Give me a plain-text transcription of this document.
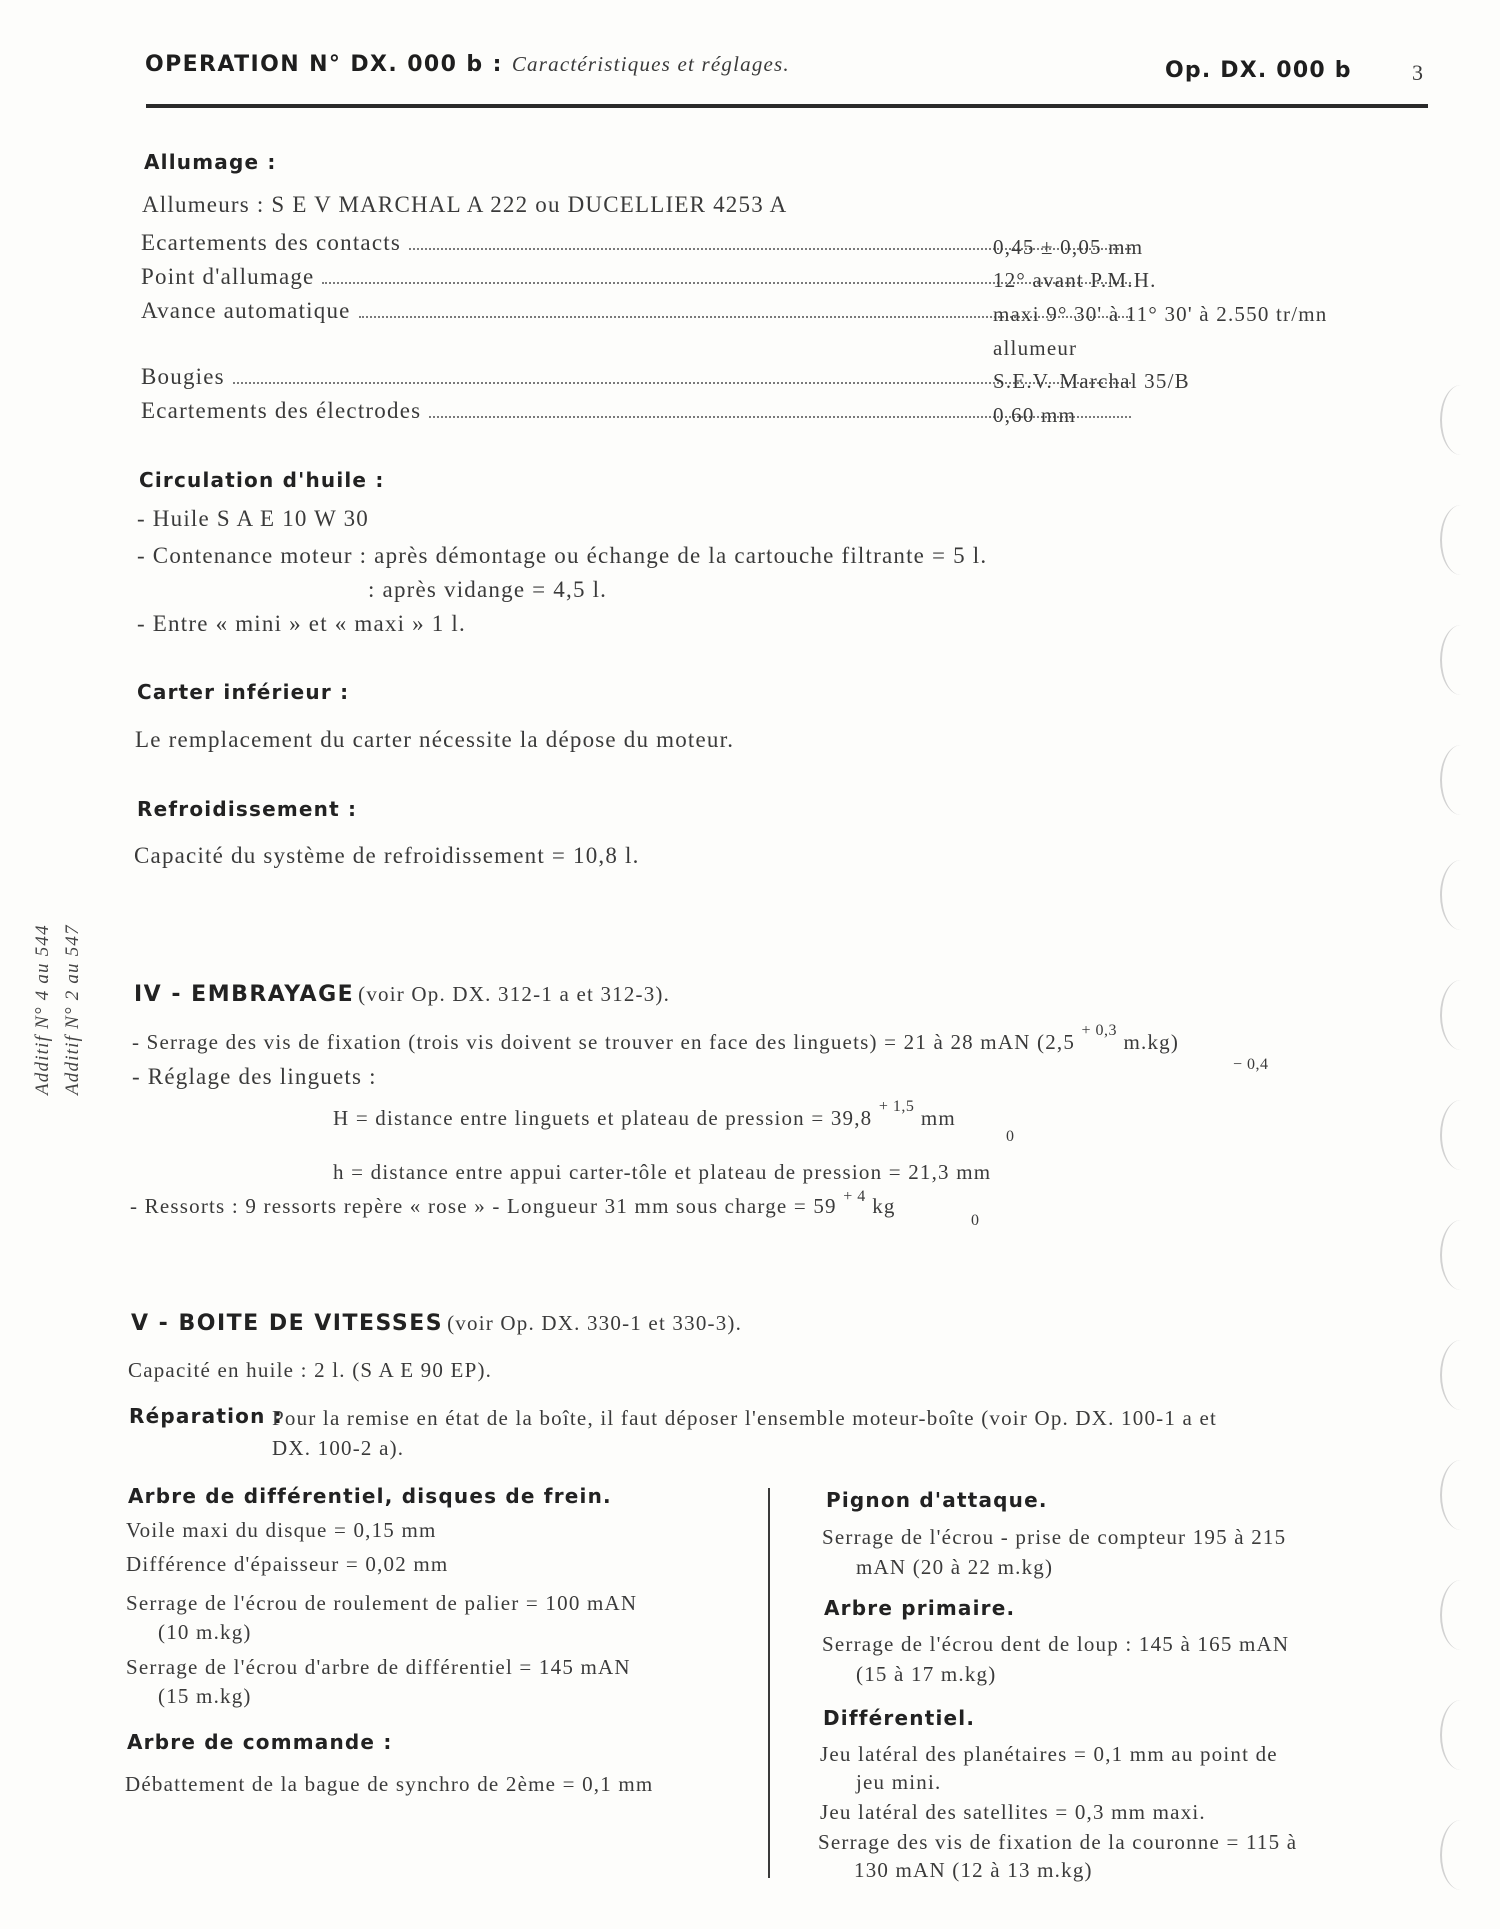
OPERATION N° DX. 000 b : Caractéristiques et réglages.	Op. DX. 000 b	3
Additif N° 4 au 544 Additif N° 2 au 547
Allumage :
Allumeurs : S E V MARCHAL A 222 ou DUCELLIER 4253 A
Ecartements des contacts	0,45 ± 0,05 mm
Point d'allumage	12° avant P.M.H.
Avance automatique	maxi 9° 30' à 11° 30' à 2.550 tr/mn
allumeur
Bougies	S.E.V. Marchal 35/B
Ecartements des électrodes	0,60 mm
Circulation d'huile :
- Huile S A E 10 W 30
- Contenance moteur : après démontage ou échange de la cartouche filtrante = 5 l.
: après vidange = 4,5 l.
- Entre « mini » et « maxi » 1 l.
Carter inférieur :
Le remplacement du carter nécessite la dépose du moteur.
Refroidissement :
Capacité du système de refroidissement = 10,8 l.
IV - EMBRAYAGE (voir Op. DX. 312-1 a et 312-3).
- Serrage des vis de fixation (trois vis doivent se trouver en face des linguets) = 21 à 28 mAN (2,5 $^{+ 0,3}$ m.kg)
− 0,4
- Réglage des linguets :
H = distance entre linguets et plateau de pression = 39,8 $^{+ 1,5}$ mm
0
h = distance entre appui carter-tôle et plateau de pression = 21,3 mm
- Ressorts : 9 ressorts repère « rose » - Longueur 31 mm sous charge = 59 $^{+ 4}$ kg
0
V - BOITE DE VITESSES (voir Op. DX. 330-1 et 330-3).
Capacité en huile : 2 l. (S A E 90 EP).
Réparation :
Pour la remise en état de la boîte, il faut déposer l'ensemble moteur-boîte (voir Op. DX. 100-1 a et
DX. 100-2 a).
Arbre de différentiel, disques de frein.
Voile maxi du disque = 0,15 mm
Différence d'épaisseur = 0,02 mm
Serrage de l'écrou de roulement de palier = 100 mAN
(10 m.kg)
Serrage de l'écrou d'arbre de différentiel = 145 mAN
(15 m.kg)
Arbre de commande :
Débattement de la bague de synchro de 2ème = 0,1 mm
Pignon d'attaque.
Serrage de l'écrou - prise de compteur 195 à 215
mAN (20 à 22 m.kg)
Arbre primaire.
Serrage de l'écrou dent de loup : 145 à 165 mAN
(15 à 17 m.kg)
Différentiel.
Jeu latéral des planétaires = 0,1 mm au point de
jeu mini.
Jeu latéral des satellites = 0,3 mm maxi.
Serrage des vis de fixation de la couronne = 115 à
130 mAN (12 à 13 m.kg)
